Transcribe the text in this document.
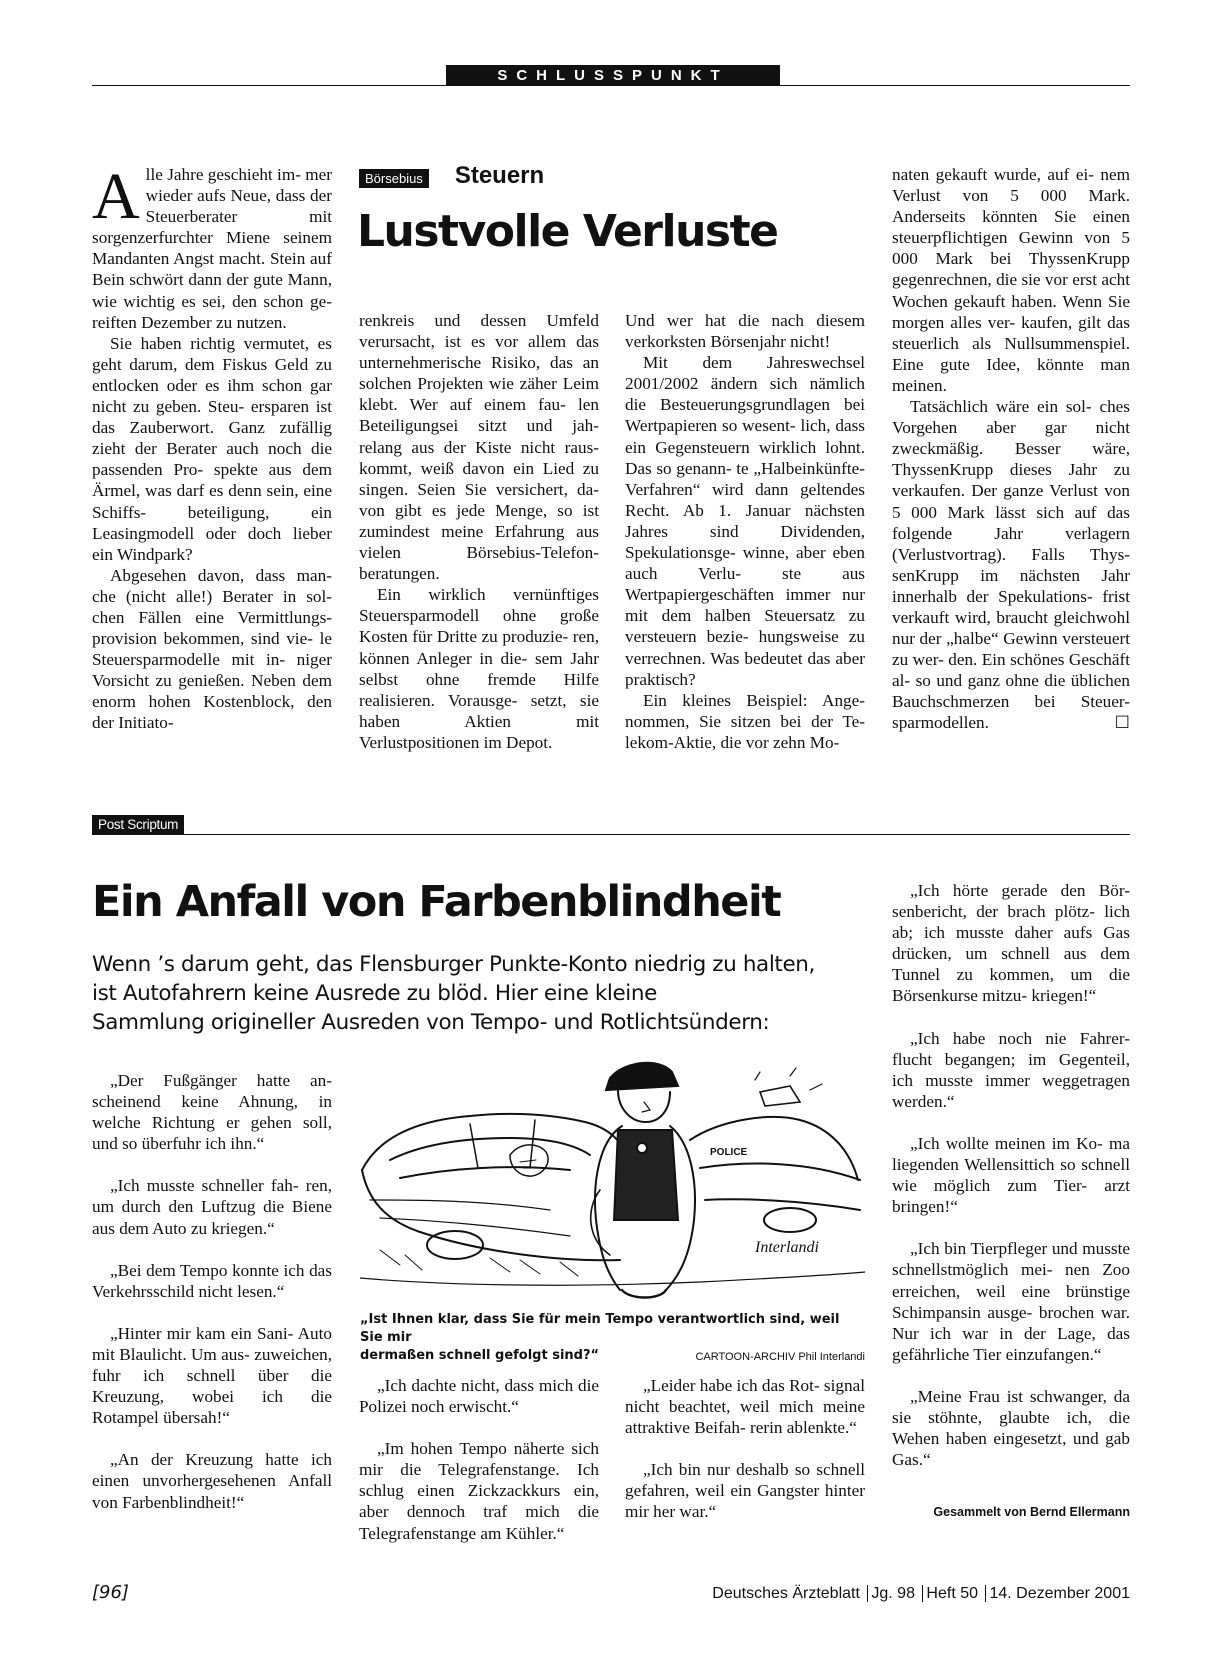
SCHLUSSPUNKT

Alle Jahre geschieht im- mer wieder aufs Neue, dass der Steuerberater mit sorgenzerfurchter Miene seinem Mandanten Angst macht. Stein auf Bein schwört dann der gute Mann, wie wichtig es sei, den schon ge- reiften Dezember zu nutzen.

Sie haben richtig vermutet, es geht darum, dem Fiskus Geld zu entlocken oder es ihm schon gar nicht zu geben. Steu- ersparen ist das Zauberwort. Ganz zufällig zieht der Berater auch noch die passenden Pro- spekte aus dem Ärmel, was darf es denn sein, eine Schiffs- beteiligung, ein Leasingmodell oder doch lieber ein Windpark?

Abgesehen davon, dass man- che (nicht alle!) Berater in sol- chen Fällen eine Vermittlungs- provision bekommen, sind vie- le Steuersparmodelle mit in- niger Vorsicht zu genießen. Neben dem enorm hohen Kostenblock, den der Initiato-

Börsebius Steuern
Lustvolle Verluste

renkreis und dessen Umfeld verursacht, ist es vor allem das unternehmerische Risiko, das an solchen Projekten wie zäher Leim klebt. Wer auf einem fau- len Beteiligungsei sitzt und jah- relang aus der Kiste nicht raus- kommt, weiß davon ein Lied zu singen. Seien Sie versichert, da- von gibt es jede Menge, so ist zumindest meine Erfahrung aus vielen Börsebius-Telefon- beratungen.

Ein wirklich vernünftiges Steuersparmodell ohne große Kosten für Dritte zu produzie- ren, können Anleger in die- sem Jahr selbst ohne fremde Hilfe realisieren. Vorausge- setzt, sie haben Aktien mit Verlustpositionen im Depot.

Und wer hat die nach diesem verkorksten Börsenjahr nicht!

Mit dem Jahreswechsel 2001/2002 ändern sich nämlich die Besteuerungsgrundlagen bei Wertpapieren so wesent- lich, dass ein Gegensteuern wirklich lohnt. Das so genann- te „Halbeinkünfte-Verfahren“ wird dann geltendes Recht. Ab 1. Januar nächsten Jahres sind Dividenden, Spekulationsge- winne, aber eben auch Verlu- ste aus Wertpapiergeschäften immer nur mit dem halben Steuersatz zu versteuern bezie- hungsweise zu verrechnen. Was bedeutet das aber praktisch?

Ein kleines Beispiel: Ange- nommen, Sie sitzen bei der Te- lekom-Aktie, die vor zehn Mo-

naten gekauft wurde, auf ei- nem Verlust von 5 000 Mark. Anderseits könnten Sie einen steuerpflichtigen Gewinn von 5 000 Mark bei ThyssenKrupp gegenrechnen, die sie vor erst acht Wochen gekauft haben. Wenn Sie morgen alles ver- kaufen, gilt das steuerlich als Nullsummenspiel. Eine gute Idee, könnte man meinen.

Tatsächlich wäre ein sol- ches Vorgehen aber gar nicht zweckmäßig. Besser wäre, ThyssenKrupp dieses Jahr zu verkaufen. Der ganze Verlust von 5 000 Mark lässt sich auf das folgende Jahr verlagern (Verlustvortrag). Falls Thys- senKrupp im nächsten Jahr innerhalb der Spekulations- frist verkauft wird, braucht gleichwohl nur der „halbe“ Gewinn versteuert zu wer- den. Ein schönes Geschäft al- so und ganz ohne die üblichen Bauchschmerzen bei Steuer- sparmodellen.	☐

Post Scriptum
Ein Anfall von Farbenblindheit
Wenn ’s darum geht, das Flensburger Punkte-Konto niedrig zu halten,
ist Autofahrern keine Ausrede zu blöd. Hier eine kleine
Sammlung origineller Ausreden von Tempo- und Rotlichtsündern:

„Der Fußgänger hatte an- scheinend keine Ahnung, in welche Richtung er gehen soll, und so überfuhr ich ihn.“

„Ich musste schneller fah- ren, um durch den Luftzug die Biene aus dem Auto zu kriegen.“

„Bei dem Tempo konnte ich das Verkehrsschild nicht lesen.“

„Hinter mir kam ein Sani- Auto mit Blaulicht. Um aus- zuweichen, fuhr ich schnell über die Kreuzung, wobei ich die Rotampel übersah!“

„An der Kreuzung hatte ich einen unvorhergesehenen Anfall von Farbenblindheit!“

POLICE
Interlandi
„Ist Ihnen klar, dass Sie für mein Tempo verantwortlich sind, weil Sie mir
dermaßen schnell gefolgt sind?“	CARTOON-ARCHIV Phil Interlandi

„Ich dachte nicht, dass mich die Polizei noch erwischt.“

„Im hohen Tempo näherte sich mir die Telegrafenstange. Ich schlug einen Zickzackkurs ein, aber dennoch traf mich die Telegrafenstange am Kühler.“

„Leider habe ich das Rot- signal nicht beachtet, weil mich meine attraktive Beifah- rerin ablenkte.“

„Ich bin nur deshalb so schnell gefahren, weil ein Gangster hinter mir her war.“

„Ich hörte gerade den Bör- senbericht, der brach plötz- lich ab; ich musste daher aufs Gas drücken, um schnell aus dem Tunnel zu kommen, um die Börsenkurse mitzu- kriegen!“

„Ich habe noch nie Fahrer- flucht begangen; im Gegenteil, ich musste immer weggetragen werden.“

„Ich wollte meinen im Ko- ma liegenden Wellensittich so schnell wie möglich zum Tier- arzt bringen!“

„Ich bin Tierpfleger und musste schnellstmöglich mei- nen Zoo erreichen, weil eine brünstige Schimpansin ausge- brochen war. Nur ich war in der Lage, das gefährliche Tier einzufangen.“

„Meine Frau ist schwanger, da sie stöhnte, glaubte ich, die Wehen haben eingesetzt, und gab Gas.“

Gesammelt von Bernd Ellermann
[96]	Deutsches Ärzteblatt Jg. 98 Heft 50 14. Dezember 2001
